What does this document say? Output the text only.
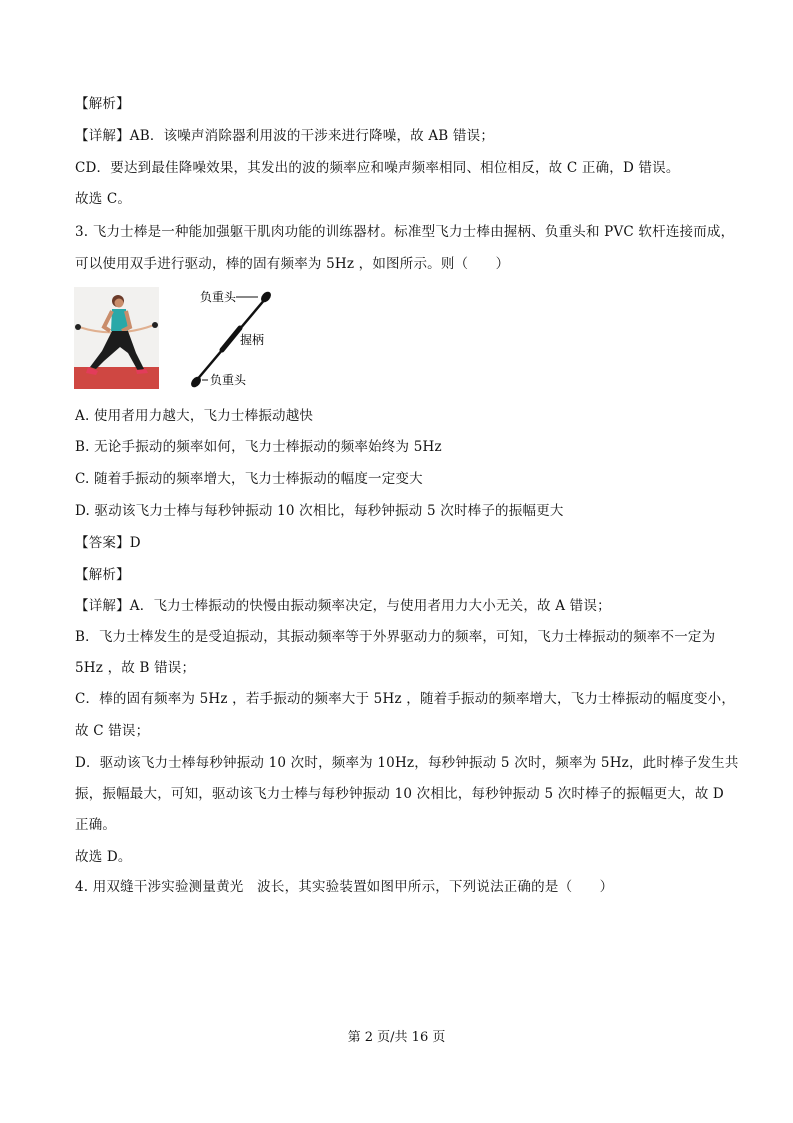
【解析】
【详解】AB．该噪声消除器利用波的干涉来进行降噪，故 AB 错误；
CD．要达到最佳降噪效果，其发出的波的频率应和噪声频率相同、相位相反，故 C 正确，D 错误。
故选 C。
3. 飞力士棒是一种能加强躯干肌肉功能的训练器材。标准型飞力士棒由握柄、负重头和 PVC 软杆连接而成，
可以使用双手进行驱动，棒的固有频率为 5Hz ，如图所示。则（　　）
负重头
握柄
负重头
A. 使用者用力越大，飞力士棒振动越快
B. 无论手振动的频率如何，飞力士棒振动的频率始终为 5Hz
C. 随着手振动的频率增大，飞力士棒振动的幅度一定变大
D. 驱动该飞力士棒与每秒钟振动 10 次相比，每秒钟振动 5 次时棒子的振幅更大
【答案】D
【解析】
【详解】A．飞力士棒振动的快慢由振动频率决定，与使用者用力大小无关，故 A 错误；
B．飞力士棒发生的是受迫振动，其振动频率等于外界驱动力的频率，可知，飞力士棒振动的频率不一定为
5Hz ，故 B 错误；
C．棒的固有频率为 5Hz ，若手振动的频率大于 5Hz ，随着手振动的频率增大，飞力士棒振动的幅度变小，
故 C 错误；
D．驱动该飞力士棒每秒钟振动 10 次时，频率为 10Hz，每秒钟振动 5 次时，频率为 5Hz，此时棒子发生共
振，振幅最大，可知，驱动该飞力士棒与每秒钟振动 10 次相比，每秒钟振动 5 次时棒子的振幅更大，故 D
正确。
故选 D。
4. 用双缝干涉实验测量黄光　波长，其实验装置如图甲所示，下列说法正确的是（　　）
第 2 页/共 16 页
